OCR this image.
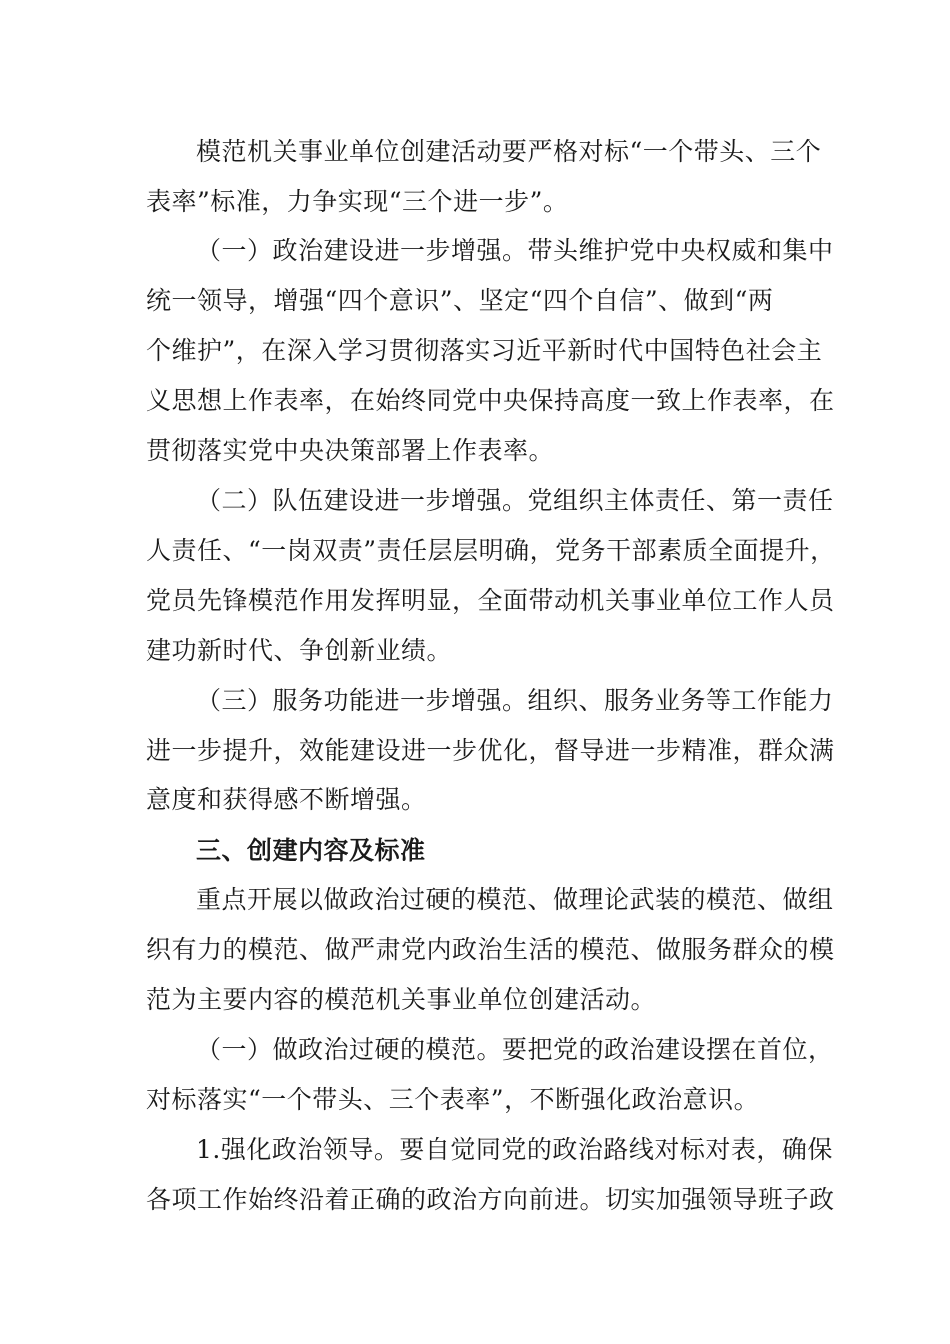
模范机关事业单位创建活动要严格对标“一个带头、三个
表率”标准，力争实现“三个进一步”。
（一）政治建设进一步增强。带头维护党中央权威和集中
统一领导，增强“四个意识”、坚定“四个自信”、做到“两
个维护”，在深入学习贯彻落实习近平新时代中国特色社会主
义思想上作表率，在始终同党中央保持高度一致上作表率，在
贯彻落实党中央决策部署上作表率。
（二）队伍建设进一步增强。党组织主体责任、第一责任
人责任、“一岗双责”责任层层明确，党务干部素质全面提升，
党员先锋模范作用发挥明显，全面带动机关事业单位工作人员
建功新时代、争创新业绩。
（三）服务功能进一步增强。组织、服务业务等工作能力
进一步提升，效能建设进一步优化，督导进一步精准，群众满
意度和获得感不断增强。
三、创建内容及标准
重点开展以做政治过硬的模范、做理论武装的模范、做组
织有力的模范、做严肃党内政治生活的模范、做服务群众的模
范为主要内容的模范机关事业单位创建活动。
（一）做政治过硬的模范。要把党的政治建设摆在首位，
对标落实“一个带头、三个表率”，不断强化政治意识。
1.强化政治领导。要自觉同党的政治路线对标对表，确保
各项工作始终沿着正确的政治方向前进。切实加强领导班子政
